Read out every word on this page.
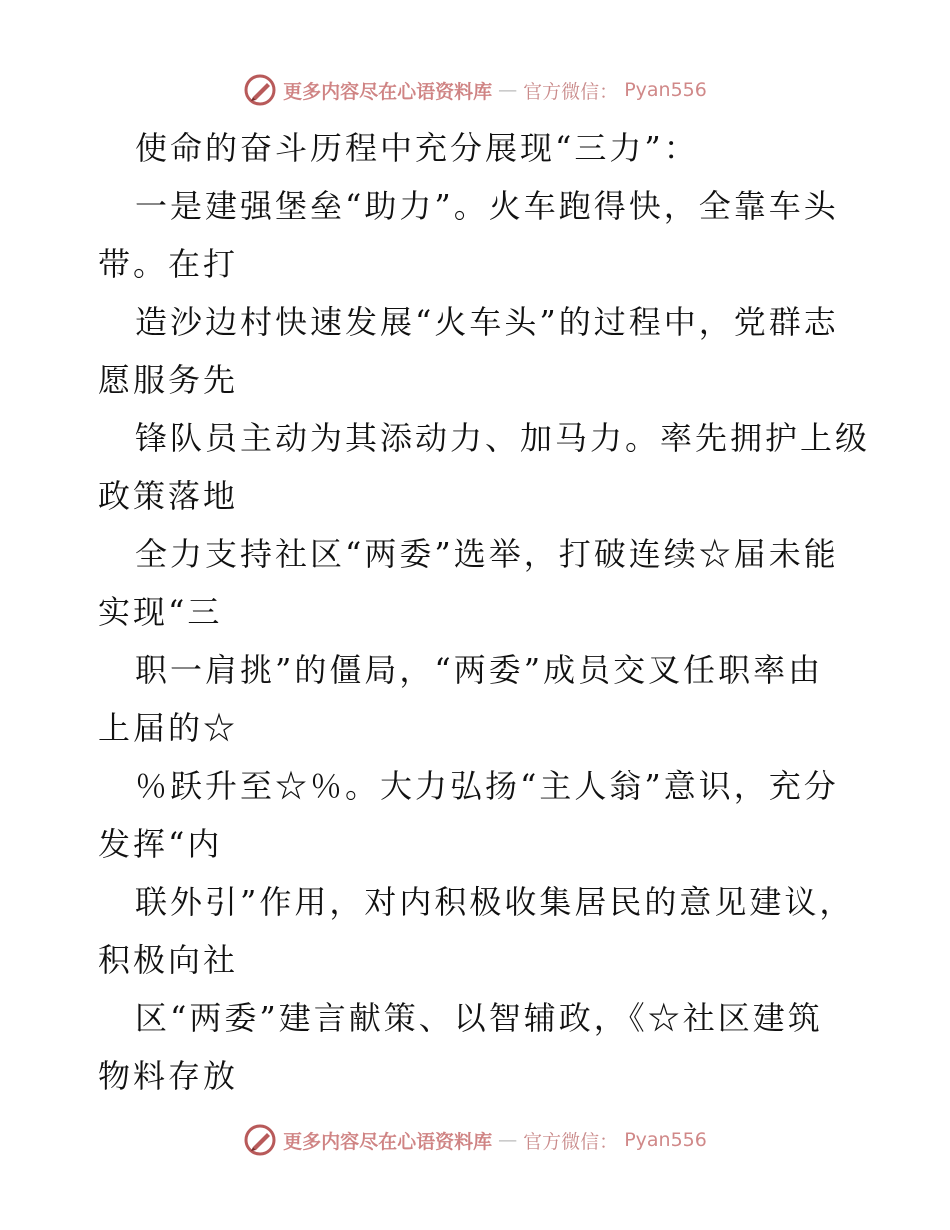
更多内容尽在心语资料库 — 官方微信： Pyan556
使命的奋斗历程中充分展现“三力”：
一是建强堡垒“助力”。火车跑得快，全靠车头
带。在打
造沙边村快速发展“火车头”的过程中，党群志
愿服务先
锋队员主动为其添动力、加马力。率先拥护上级
政策落地
全力支持社区“两委”选举，打破连续☆届未能
实现“三
职一肩挑”的僵局，“两委”成员交叉任职率由
上届的☆
％跃升至☆％。大力弘扬“主人翁”意识，充分
发挥“内
联外引”作用，对内积极收集居民的意见建议，
积极向社
区“两委”建言献策、以智辅政，《☆社区建筑
物料存放
更多内容尽在心语资料库 — 官方微信： Pyan556
